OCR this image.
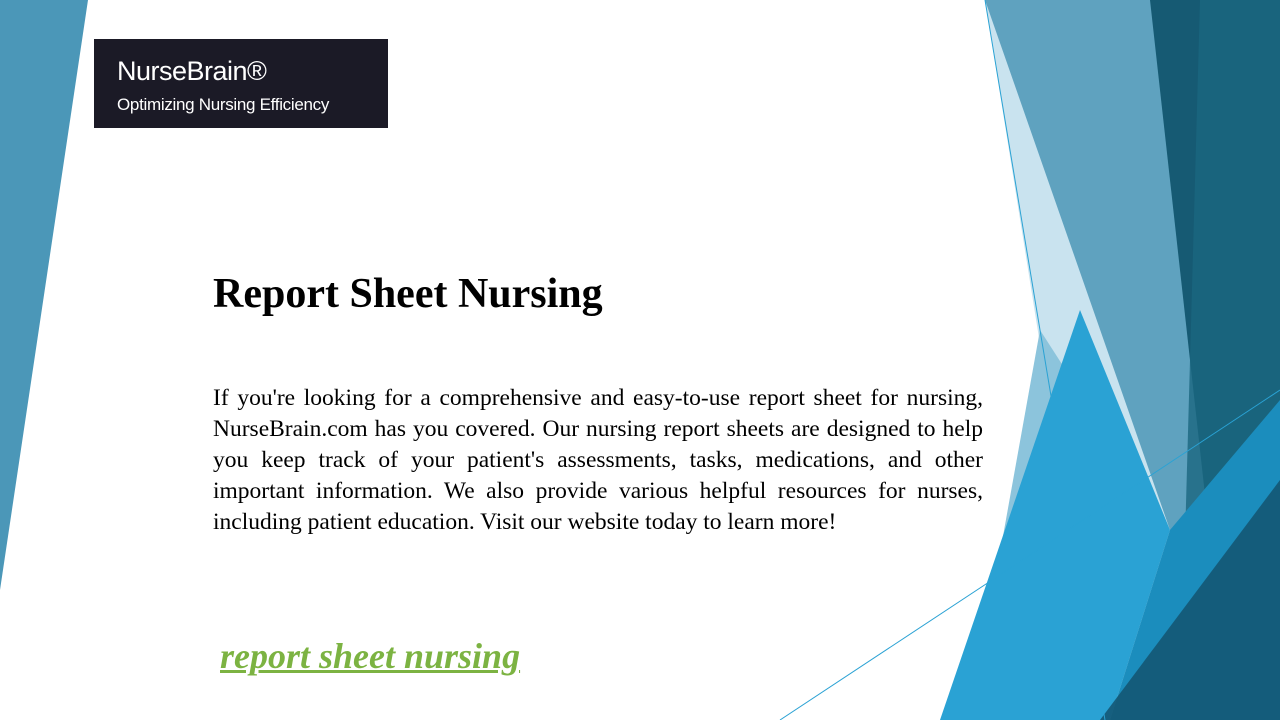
NurseBrain®
Optimizing Nursing Efficiency
Report Sheet Nursing

If you're looking for a comprehensive and easy-to-use report sheet for nursing, NurseBrain.com has you covered. Our nursing report sheets are designed to help you keep track of your patient's assessments, tasks, medications, and other important information. We also provide various helpful resources for nurses, including patient education. Visit our website today to learn more!

report sheet nursing
